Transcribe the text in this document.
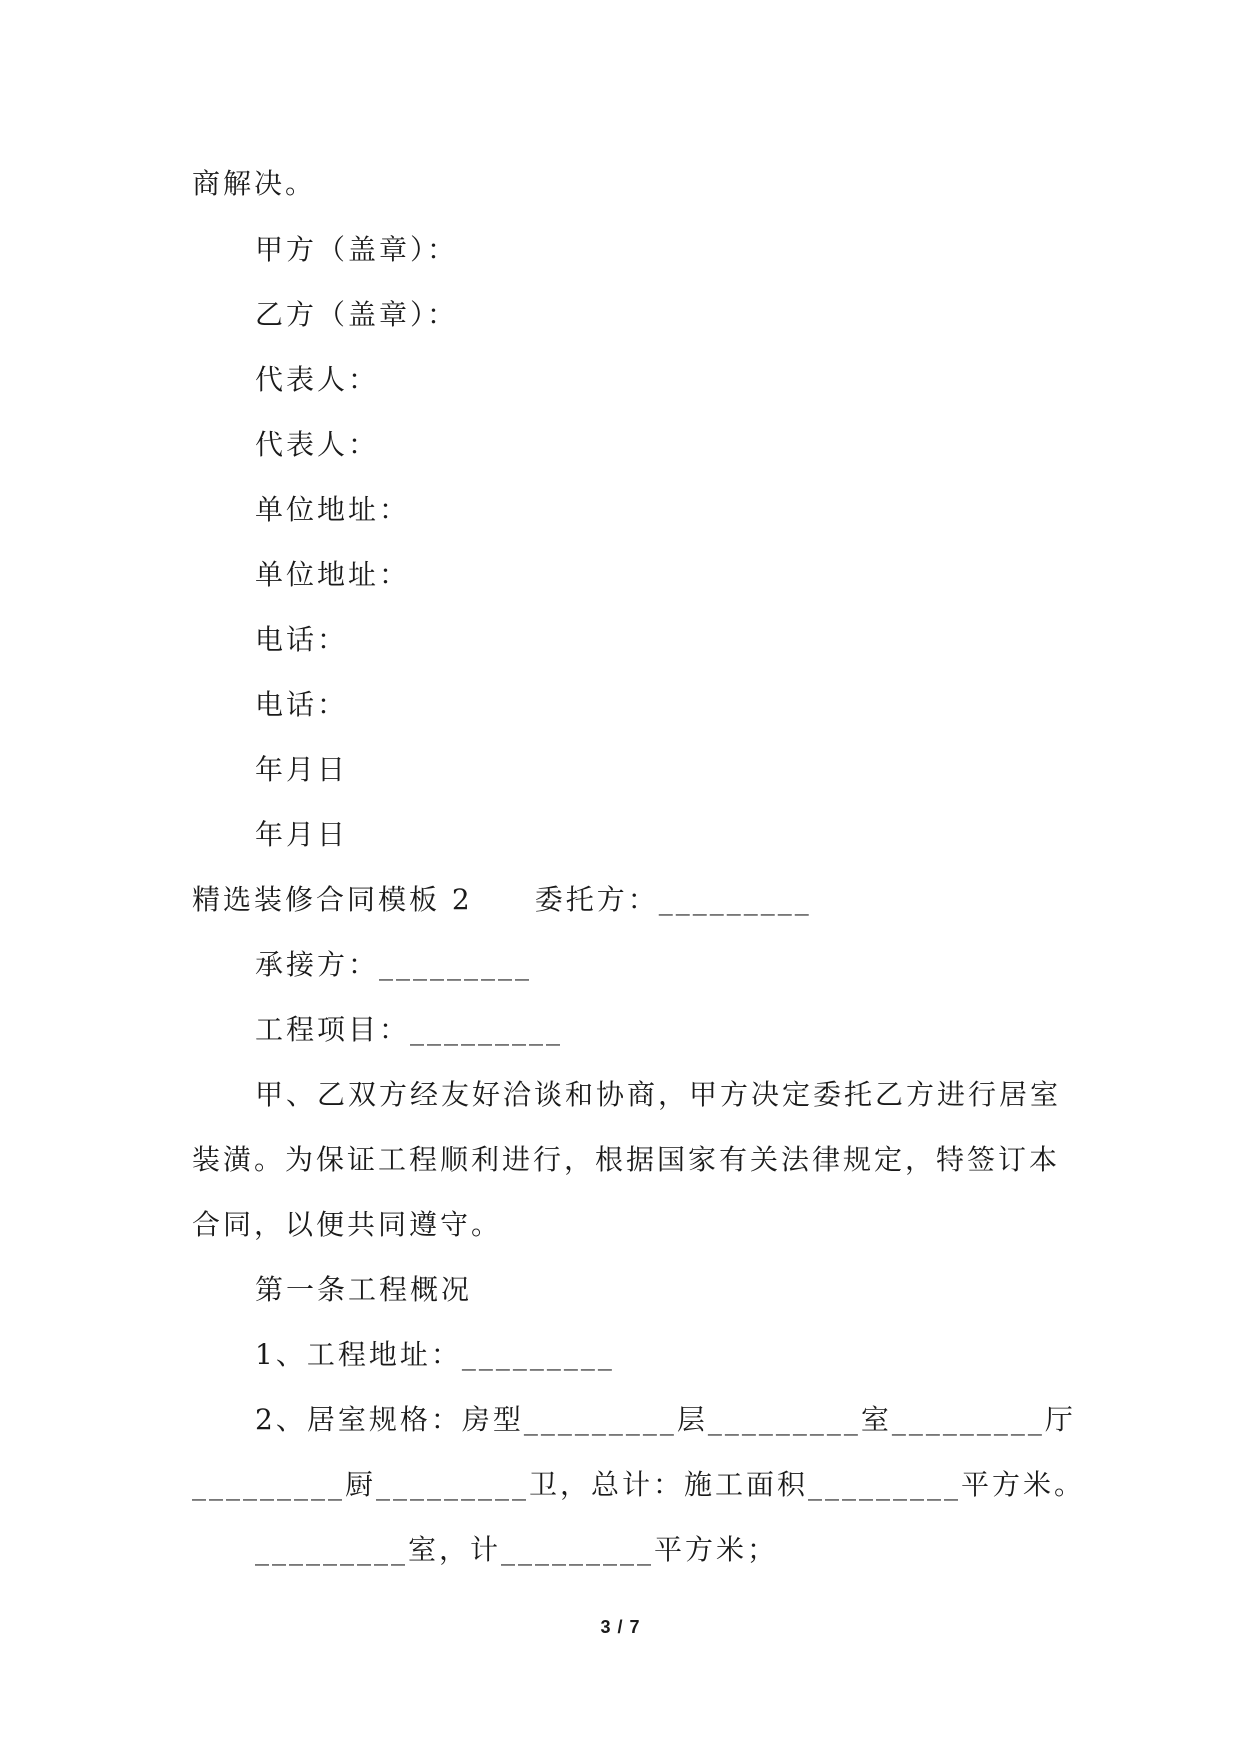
商解决。
甲方（盖章）：
乙方（盖章）：
代表人：
代表人：
单位地址：
单位地址：
电话：
电话：
年月日
年月日
精选装修合同模板 2 委托方：_________
承接方：_________
工程项目：_________
甲、乙双方经友好洽谈和协商，甲方决定委托乙方进行居室
装潢。为保证工程顺利进行，根据国家有关法律规定，特签订本
合同，以便共同遵守。
第一条工程概况
1、工程地址：_________
2、居室规格：房型_________层_________室_________厅
_________厨_________卫，总计：施工面积_________平方米。
_________室，计_________平方米；
3 / 7
